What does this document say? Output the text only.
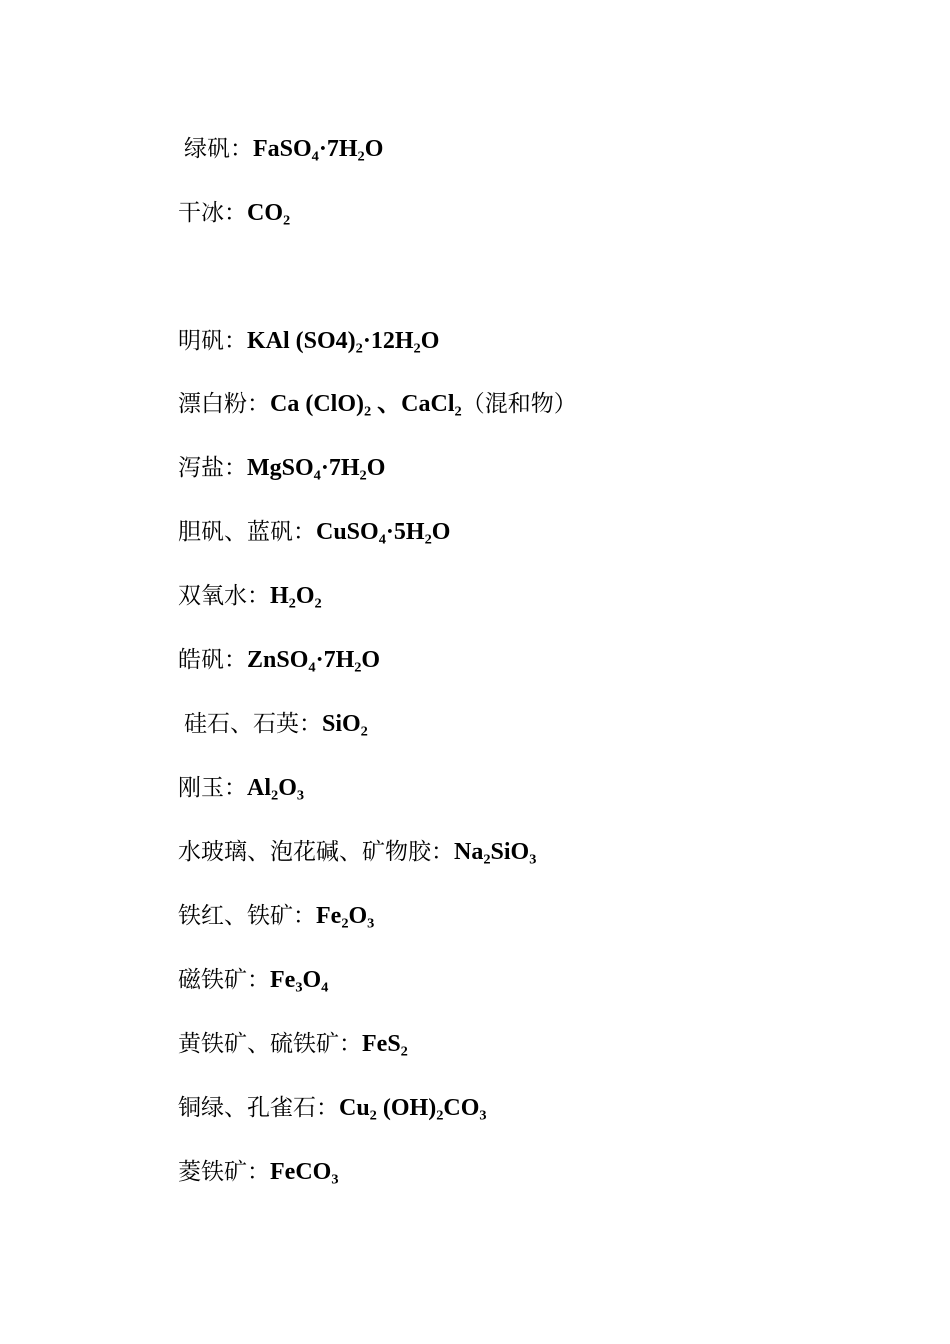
绿矾：FaSO₄·7H₂O
干冰：CO₂
明矾：KAl (SO4)₂·12H₂O
漂白粉：Ca (ClO)₂ 、CaCl₂（混和物）
泻盐：MgSO₄·7H₂O
胆矾、蓝矾：CuSO₄·5H₂O
双氧水：H₂O₂
皓矾：ZnSO₄·7H₂O
硅石、石英：SiO₂
刚玉：Al₂O₃
水玻璃、泡花碱、矿物胶：Na₂SiO₃
铁红、铁矿：Fe₂O₃
磁铁矿：Fe₃O₄
黄铁矿、硫铁矿：FeS₂
铜绿、孔雀石：Cu₂ (OH)₂CO₃
菱铁矿：FeCO₃
